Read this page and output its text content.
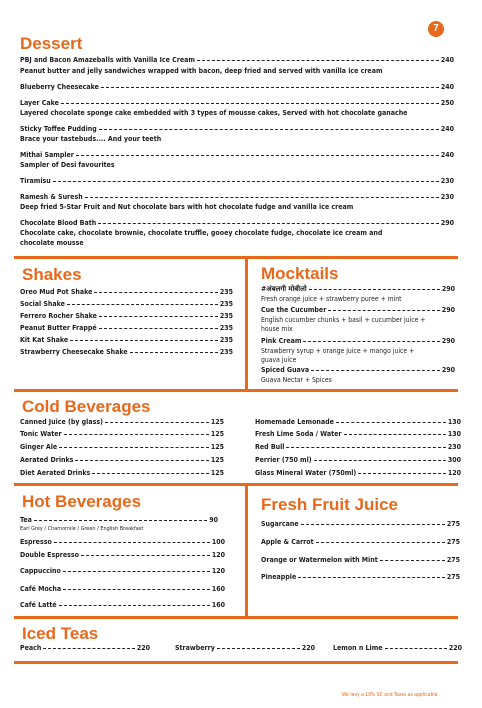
7
Dessert
PBJ and Bacon Amazeballs with Vanilla Ice Cream	240
Peanut butter and jelly sandwiches wrapped with bacon, deep fried and served with vanilla ice cream
Blueberry Cheesecake	240
Layer Cake	250
Layered chocolate sponge cake embedded with 3 types of mousse cakes, Served with hot chocolate ganache
Sticky Toffee Pudding	240
Brace your tastebuds.... And your teeth
Mithai Sampler	240
Sampler of Desi favourites
Tiramisu	230
Ramesh & Suresh	230
Deep fried 5-Star Fruit and Nut chocolate bars with hot chocolate fudge and vanilla ice cream
Chocolate Blood Bath	290
Chocolate cake, chocolate brownie, chocolate truffle, gooey chocolate fudge, chocolate ice cream and
chocolate mousse
Shakes
Oreo Mud Pot Shake	235
Social Shake	235
Ferrero Rocher Shake	235
Peanut Butter Frappé	235
Kit Kat Shake	235
Strawberry Cheesecake Shake	235
Mocktails
#अंबलगी मोबीलो	290
Fresh orange juice + strawberry puree + mint
Cue the Cucumber	290
English cucumber chunks + basil + cucumber juice +
house mix
Pink Cream	290
Strawberry syrup + orange juice + mango juice +
guava juice
Spiced Guava	290
Guava Nectar + Spices
Cold Beverages
Canned Juice (by glass)	125
Tonic Water	125
Ginger Ale	125
Aerated Drinks	125
Diet Aerated Drinks	125
Homemade Lemonade	130
Fresh Lime Soda / Water	130
Red Bull	230
Perrier (750 ml)	300
Glass Mineral Water (750ml)	120
Hot Beverages
Tea	90
Earl Grey / Chamomile / Green / English Breakfast
Espresso	100
Double Espresso	120
Cappuccino	120
Café Mocha	160
Café Latté	160
Fresh Fruit Juice
Sugarcane	275
Apple & Carrot	275
Orange or Watermelon with Mint	275
Pineapple	275
Iced Teas
Peach	220	Strawberry	220	Lemon n Lime	220
We levy a 10% SC and Taxes as applicable.
